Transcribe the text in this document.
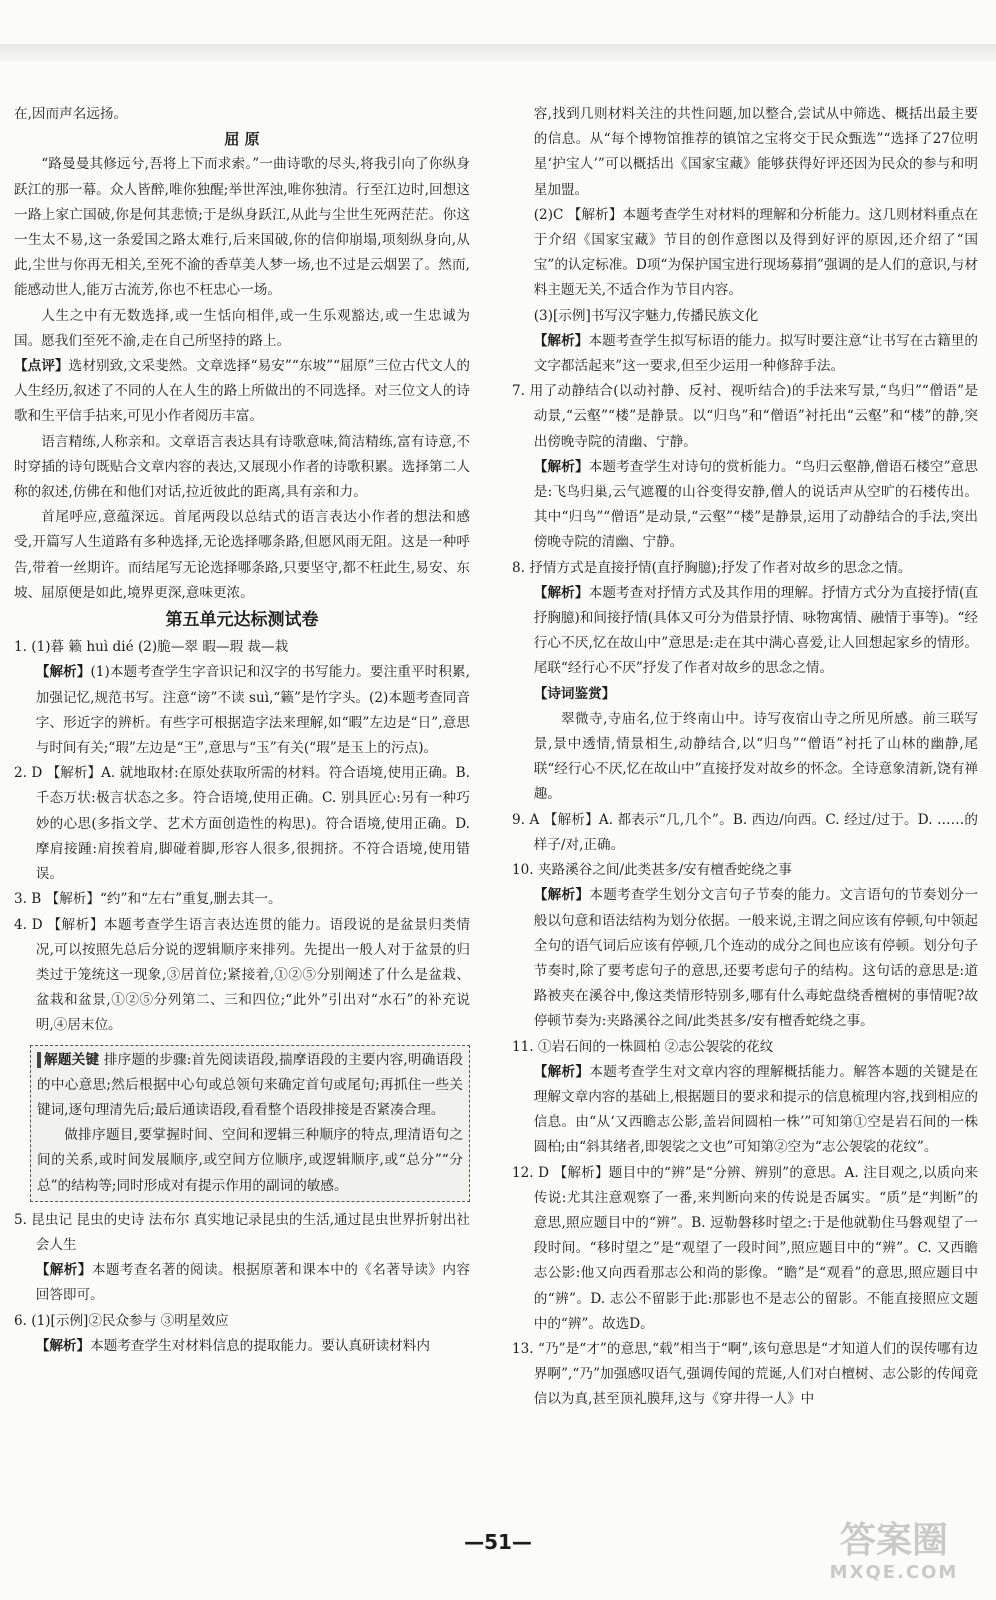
在,因而声名远扬。

屈 原

“路曼曼其修远兮,吾将上下而求索。”一曲诗歌的尽头,将我引向了你纵身跃江的那一幕。众人皆醉,唯你独醒;举世浑浊,唯你独清。行至江边时,回想这一路上家亡国破,你是何其悲愤;于是纵身跃江,从此与尘世生死两茫茫。你这一生太不易,这一条爱国之路太难行,后来国破,你的信仰崩塌,项刻纵身向,从此,尘世与你再无相关,至死不渝的香草美人梦一场,也不过是云烟罢了。然而,能感动世人,能万古流芳,你也不枉忠心一场。

人生之中有无数选择,或一生恬向相伴,或一生乐观豁达,或一生忠诚为国。愿我们至死不渝,走在自己所坚持的路上。

【 点评 】 选材别致,文采斐然。文章选择“易安”“东坡”“屈原”三位古代文人的人生经历,叙述了不同的人在人生的路上所做出的不同选择。对三位文人的诗歌和生平信手拈来,可见小作者阅历丰富。

语言精练,人称亲和。文章语言表达具有诗歌意味,简洁精练,富有诗意,不时穿插的诗句既贴合文章内容的表达,又展现小作者的诗歌积累。选择第二人称的叙述,仿佛在和他们对话,拉近彼此的距离,具有亲和力。

首尾呼应,意蕴深远。首尾两段以总结式的语言表达小作者的想法和感受,开篇写人生道路有多种选择,无论选择哪条路,但愿风雨无阻。这是一种呼告,带着一丝期许。而结尾写无论选择哪条路,只要坚守,都不枉此生,易安、东坡、屈原便是如此,境界更深,意味更浓。

第五单元达标测试卷

1. (1)暮 籁 huì dié (2)脆—翠 暇—瑕 裁—栽

【 解析 】 (1)本题考查学生字音识记和汉字的书写能力。要注重平时积累,加强记忆,规范书写。注意“谤”不读 suì,“籁”是竹字头。(2)本题考查同音字、形近字的辨析。有些字可根据造字法来理解,如“暇”左边是“日”,意思与时间有关;“瑕”左边是“王”,意思与“玉”有关(“瑕”是玉上的污点)。

2. D 【解析】A. 就地取材:在原处获取所需的材料。符合语境,使用正确。B. 千态万状:极言状态之多。符合语境,使用正确。C. 别具匠心:另有一种巧妙的心思(多指文学、艺术方面创造性的构思)。符合语境,使用正确。D. 摩肩接踵:肩挨着肩,脚碰着脚,形容人很多,很拥挤。不符合语境,使用错误。

3. B 【解析】“约”和“左右”重复,删去其一。

4. D 【解析】本题考查学生语言表达连贯的能力。语段说的是盆景归类情况,可以按照先总后分说的逻辑顺序来排列。先提出一般人对于盆景的归类过于笼统这一现象,③居首位;紧接着,①②⑤分别阐述了什么是盆栽、盆栽和盆景,①②⑤分列第二、三和四位;“此外”引出对“水石”的补充说明,④居末位。

解题关键 排序题的步骤:首先阅读语段,揣摩语段的主要内容,明确语段的中心意思;然后根据中心句或总领句来确定首句或尾句;再抓住一些关键词,逐句理清先后;最后通读语段,看看整个语段排接是否紧凑合理。

做排序题目,要掌握时间、空间和逻辑三种顺序的特点,理清语句之间的关系,或时间发展顺序,或空间方位顺序,或逻辑顺序,或“总分”“分总”的结构等;同时形成对有提示作用的副词的敏感。

5. 昆虫记 昆虫的史诗 法布尔 真实地记录昆虫的生活,通过昆虫世界折射出社会人生

【 解析 】 本题考查名著的阅读。根据原著和课本中的《名著导读》内容回答即可。

6. (1)[示例]②民众参与 ③明星效应

【 解析 】 本题考查学生对材料信息的提取能力。要认真研读材料内

容,找到几则材料关注的共性问题,加以整合,尝试从中筛选、概括出最主要的信息。从“每个博物馆推荐的镇馆之宝将交于民众甄选”“选择了27位明星‘护宝人’”可以概括出《国家宝藏》能够获得好评还因为民众的参与和明星加盟。

(2)C 【解析】本题考查学生对材料的理解和分析能力。这几则材料重点在于介绍《国家宝藏》节目的创作意图以及得到好评的原因,还介绍了“国宝”的认定标准。D项“为保护国宝进行现场募捐”强调的是人们的意识,与材料主题无关,不适合作为节目内容。

(3)[示例]书写汉字魅力,传播民族文化

【 解析 】 本题考查学生拟写标语的能力。拟写时要注意“让书写在古籍里的文字都活起来”这一要求,但至少运用一种修辞手法。

7. 用了动静结合(以动衬静、反衬、视听结合)的手法来写景,“鸟归”“僧语”是动景,“云壑”“楼”是静景。以“归鸟”和“僧语”衬托出“云壑”和“楼”的静,突出傍晚寺院的清幽、宁静。

【 解析 】 本题考查学生对诗句的赏析能力。“鸟归云壑静,僧语石楼空”意思是:飞鸟归巢,云气遮覆的山谷变得安静,僧人的说话声从空旷的石楼传出。其中“归鸟”“僧语”是动景,“云壑”“楼”是静景,运用了动静结合的手法,突出傍晚寺院的清幽、宁静。

8. 抒情方式是直接抒情(直抒胸臆);抒发了作者对故乡的思念之情。

【 解析 】 本题考查对抒情方式及其作用的理解。抒情方式分为直接抒情(直抒胸臆)和间接抒情(具体又可分为借景抒情、咏物寓情、融情于事等)。“经行心不厌,忆在故山中”意思是:走在其中满心喜爱,让人回想起家乡的情形。尾联“经行心不厌”抒发了作者对故乡的思念之情。

【 诗词鉴赏 】

翠微寺,寺庙名,位于终南山中。诗写夜宿山寺之所见所感。前三联写景,景中透情,情景相生,动静结合,以“归鸟”“僧语”衬托了山林的幽静,尾联“经行心不厌,忆在故山中”直接抒发对故乡的怀念。全诗意象清新,饶有禅趣。

9. A 【解析】A. 都表示“几,几个”。B. 西边/向西。C. 经过/过于。D. ……的样子/对,正确。

10. 夹路溪谷之间/此类甚多/安有檀香蛇绕之事

【 解析 】 本题考查学生划分文言句子节奏的能力。文言语句的节奏划分一般以句意和语法结构为划分依据。一般来说,主谓之间应该有停顿,句中领起全句的语气词后应该有停顿,几个连动的成分之间也应该有停顿。划分句子节奏时,除了要考虑句子的意思,还要考虑句子的结构。这句话的意思是:道路被夹在溪谷中,像这类情形特别多,哪有什么毒蛇盘绕香檀树的事情呢?故停顿节奏为:夹路溪谷之间/此类甚多/安有檀香蛇绕之事。

11. ①岩石间的一株圆柏 ②志公袈裟的花纹

【 解析 】 本题考查学生对文章内容的理解概括能力。解答本题的关键是在理解文章内容的基础上,根据题目的要求和提示的信息梳理内容,找到相应的信息。由“从‘又西瞻志公影,盖岩间圆柏一株’”可知第①空是岩石间的一株圆柏;由“斜其绪者,即袈裟之文也”可知第②空为“志公袈裟的花纹”。

12. D 【解析】题目中的“辨”是“分辨、辨别”的意思。A. 注目观之,以质向来传说:尤其注意观察了一番,来判断向来的传说是否属实。“质”是“判断”的意思,照应题目中的“辨”。B. 逗勒磐移时望之:于是他就勒住马磐观望了一段时间。“移时望之”是“观望了一段时间”,照应题目中的“辨”。C. 又西瞻志公影:他又向西看那志公和尚的影像。“瞻”是“观看”的意思,照应题目中的“辨”。D. 志公不留影于此:那影也不是志公的留影。不能直接照应文题中的“辨”。故选D。

13. “乃”是“才”的意思,“载”相当于“啊”,该句意思是“才知道人们的误传哪有边界啊”,“乃”加强感叹语气,强调传闻的荒诞,人们对白檀树、志公影的传闻竟信以为真,甚至顶礼膜拜,这与《穿井得一人》中

—51—	答案圈
MXQE.COM
